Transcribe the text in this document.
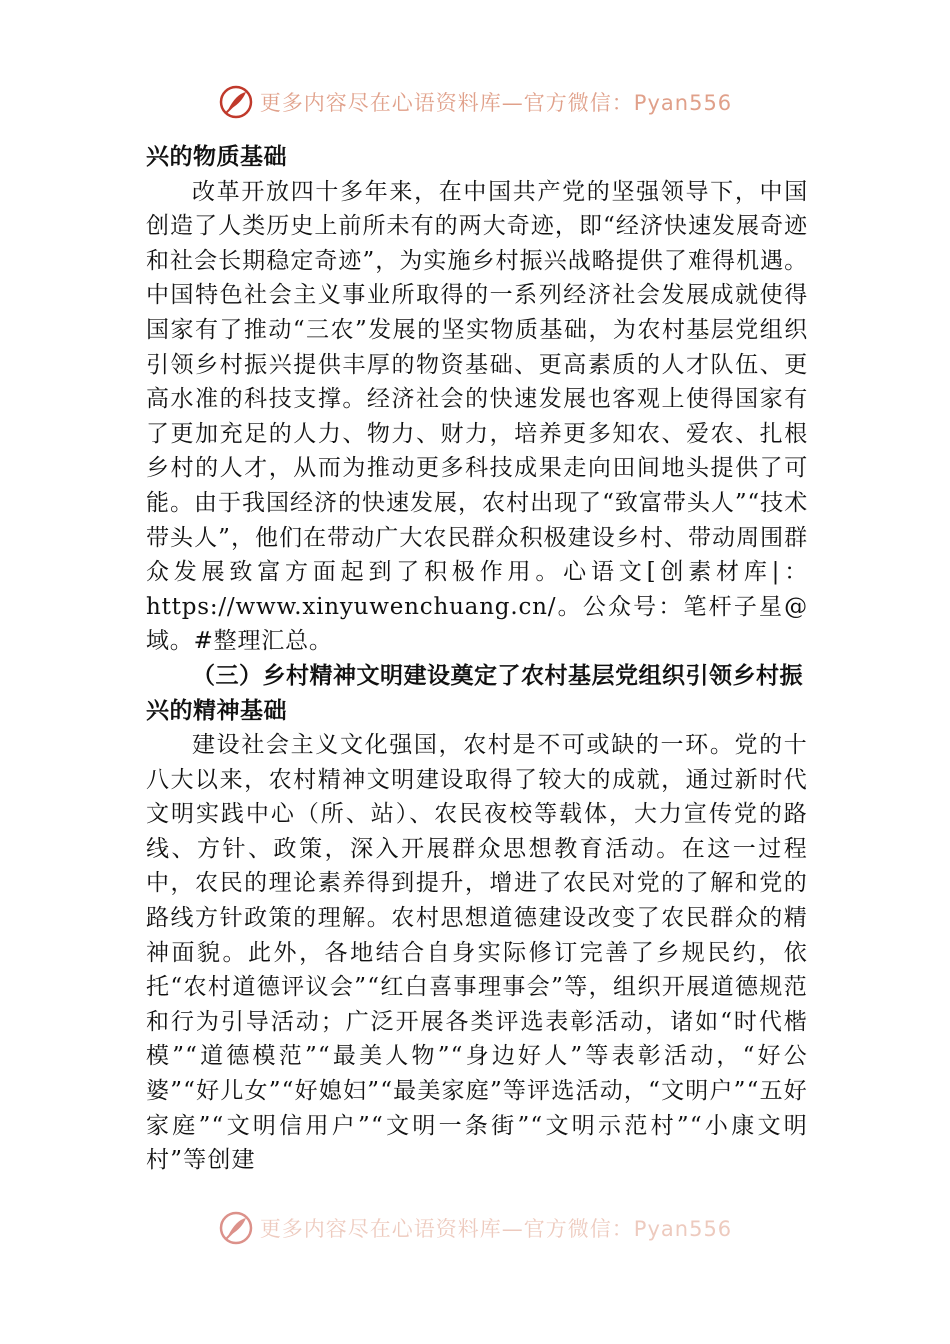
更多内容尽在心语资料库—官方微信：Pyan556

兴的物质基础

改革开放四十多年来，在中国共产党的坚强领导下，中国创造了人类历史上前所未有的两大奇迹，即“经济快速发展奇迹和社会长期稳定奇迹”，为实施乡村振兴战略提供了难得机遇。中国特色社会主义事业所取得的一系列经济社会发展成就使得国家有了推动“三农”发展的坚实物质基础，为农村基层党组织引领乡村振兴提供丰厚的物资基础、更高素质的人才队伍、更高水准的科技支撑。经济社会的快速发展也客观上使得国家有了更加充足的人力、物力、财力，培养更多知农、爱农、扎根乡村的人才，从而为推动更多科技成果走向田间地头提供了可能。由于我国经济的快速发展，农村出现了“致富带头人”“技术带头人”，他们在带动广大农民群众积极建设乡村、带动周围群众发展致富方面起到了积极作用。心语文[创素材库|：https://www.xinyuwenchuang.cn/。公众号：笔杆子星@域。#整理汇总。

（三）乡村精神文明建设奠定了农村基层党组织引领乡村振兴的精神基础

建设社会主义文化强国，农村是不可或缺的一环。党的十八大以来，农村精神文明建设取得了较大的成就，通过新时代文明实践中心（所、站）、农民夜校等载体，大力宣传党的路线、方针、政策，深入开展群众思想教育活动。在这一过程中，农民的理论素养得到提升，增进了农民对党的了解和党的路线方针政策的理解。农村思想道德建设改变了农民群众的精神面貌。此外，各地结合自身实际修订完善了乡规民约，依托“农村道德评议会”“红白喜事理事会”等，组织开展道德规范和行为引导活动；广泛开展各类评选表彰活动，诸如“时代楷模”“道德模范”“最美人物”“身边好人”等表彰活动，“好公婆”“好儿女”“好媳妇”“最美家庭”等评选活动，“文明户”“五好家庭”“文明信用户”“文明一条街”“文明示范村”“小康文明村”等创建

更多内容尽在心语资料库—官方微信：Pyan556
